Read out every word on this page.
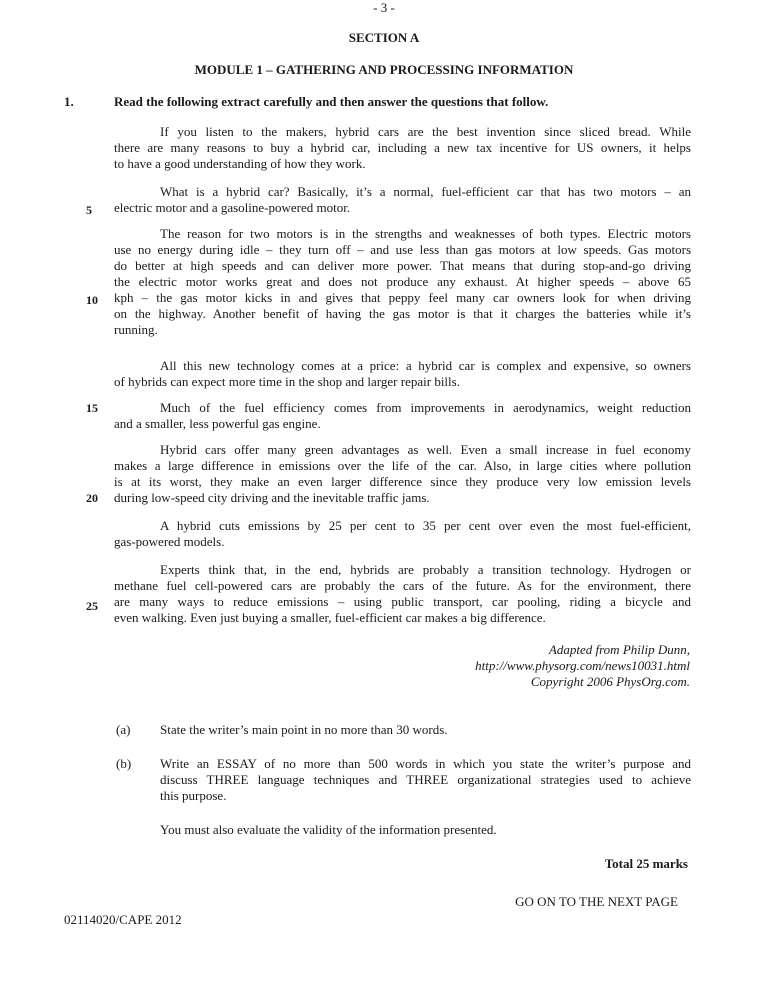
- 3 -
SECTION A
MODULE 1 – GATHERING AND PROCESSING INFORMATION
1.	Read the following extract carefully and then answer the questions that follow.
5
10
15
20
25
If you listen to the makers, hybrid cars are the best invention since sliced bread. While
there are many reasons to buy a hybrid car, including a new tax incentive for US owners, it helps
to have a good understanding of how they work.
What is a hybrid car? Basically, it’s a normal, fuel-efficient car that has two motors – an
electric motor and a gasoline-powered motor.
The reason for two motors is in the strengths and weaknesses of both types. Electric motors
use no energy during idle – they turn off – and use less than gas motors at low speeds. Gas motors
do better at high speeds and can deliver more power. That means that during stop-and-go driving
the electric motor works great and does not produce any exhaust. At higher speeds – above 65
kph – the gas motor kicks in and gives that peppy feel many car owners look for when driving
on the highway. Another benefit of having the gas motor is that it charges the batteries while it’s
running.
All this new technology comes at a price: a hybrid car is complex and expensive, so owners
of hybrids can expect more time in the shop and larger repair bills.
Much of the fuel efficiency comes from improvements in aerodynamics, weight reduction
and a smaller, less powerful gas engine.
Hybrid cars offer many green advantages as well. Even a small increase in fuel economy
makes a large difference in emissions over the life of the car. Also, in large cities where pollution
is at its worst, they make an even larger difference since they produce very low emission levels
during low-speed city driving and the inevitable traffic jams.
A hybrid cuts emissions by 25 per cent to 35 per cent over even the most fuel-efficient,
gas-powered models.
Experts think that, in the end, hybrids are probably a transition technology. Hydrogen or
methane fuel cell-powered cars are probably the cars of the future. As for the environment, there
are many ways to reduce emissions – using public transport, car pooling, riding a bicycle and
even walking. Even just buying a smaller, fuel-efficient car makes a big difference.
Adapted from Philip Dunn,
http://www.physorg.com/news10031.html
Copyright 2006 PhysOrg.com.
(a) State the writer’s main point in no more than 30 words.
(b) Write an ESSAY of no more than 500 words in which you state the writer’s purpose and
discuss THREE language techniques and THREE organizational strategies used to achieve
this purpose.
You must also evaluate the validity of the information presented.
Total 25 marks
GO ON TO THE NEXT PAGE
02114020/CAPE 2012
